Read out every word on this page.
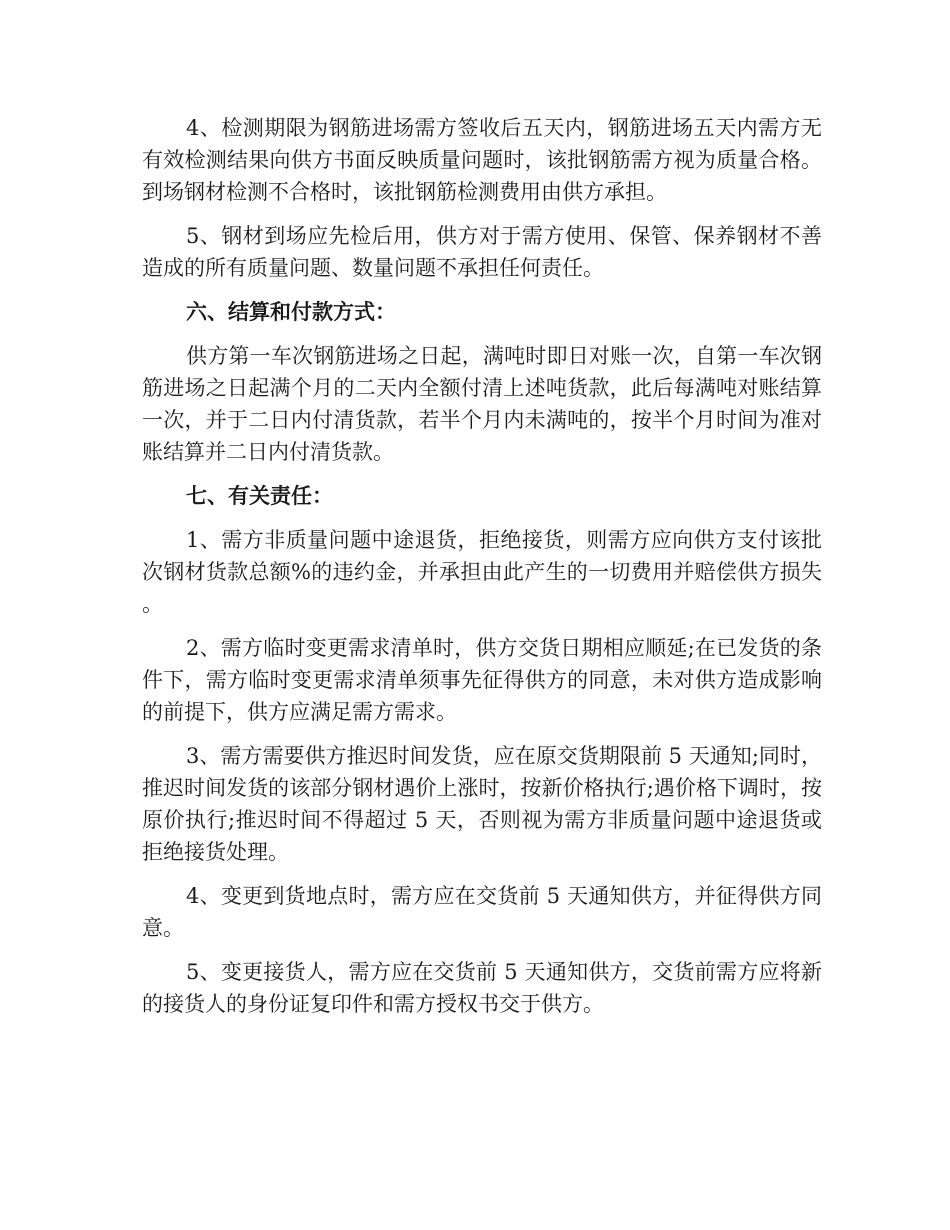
4、检测期限为钢筋进场需方签收后五天内，钢筋进场五天内需方无有效检测结果向供方书面反映质量问题时，该批钢筋需方视为质量合格。到场钢材检测不合格时，该批钢筋检测费用由供方承担。

5、钢材到场应先检后用，供方对于需方使用、保管、保养钢材不善造成的所有质量问题、数量问题不承担任何责任。

六、结算和付款方式：

供方第一车次钢筋进场之日起，满吨时即日对账一次，自第一车次钢筋进场之日起满个月的二天内全额付清上述吨货款，此后每满吨对账结算一次，并于二日内付清货款，若半个月内未满吨的，按半个月时间为准对账结算并二日内付清货款。

七、有关责任：

1、需方非质量问题中途退货，拒绝接货，则需方应向供方支付该批次钢材货款总额%的违约金，并承担由此产生的一切费用并赔偿供方损失。

2、需方临时变更需求清单时，供方交货日期相应顺延;在已发货的条件下，需方临时变更需求清单须事先征得供方的同意，未对供方造成影响的前提下，供方应满足需方需求。

3、需方需要供方推迟时间发货，应在原交货期限前 5 天通知;同时，推迟时间发货的该部分钢材遇价上涨时，按新价格执行;遇价格下调时，按原价执行;推迟时间不得超过 5 天，否则视为需方非质量问题中途退货或拒绝接货处理。

4、变更到货地点时，需方应在交货前 5 天通知供方，并征得供方同意。

5、变更接货人，需方应在交货前 5 天通知供方，交货前需方应将新的接货人的身份证复印件和需方授权书交于供方。
